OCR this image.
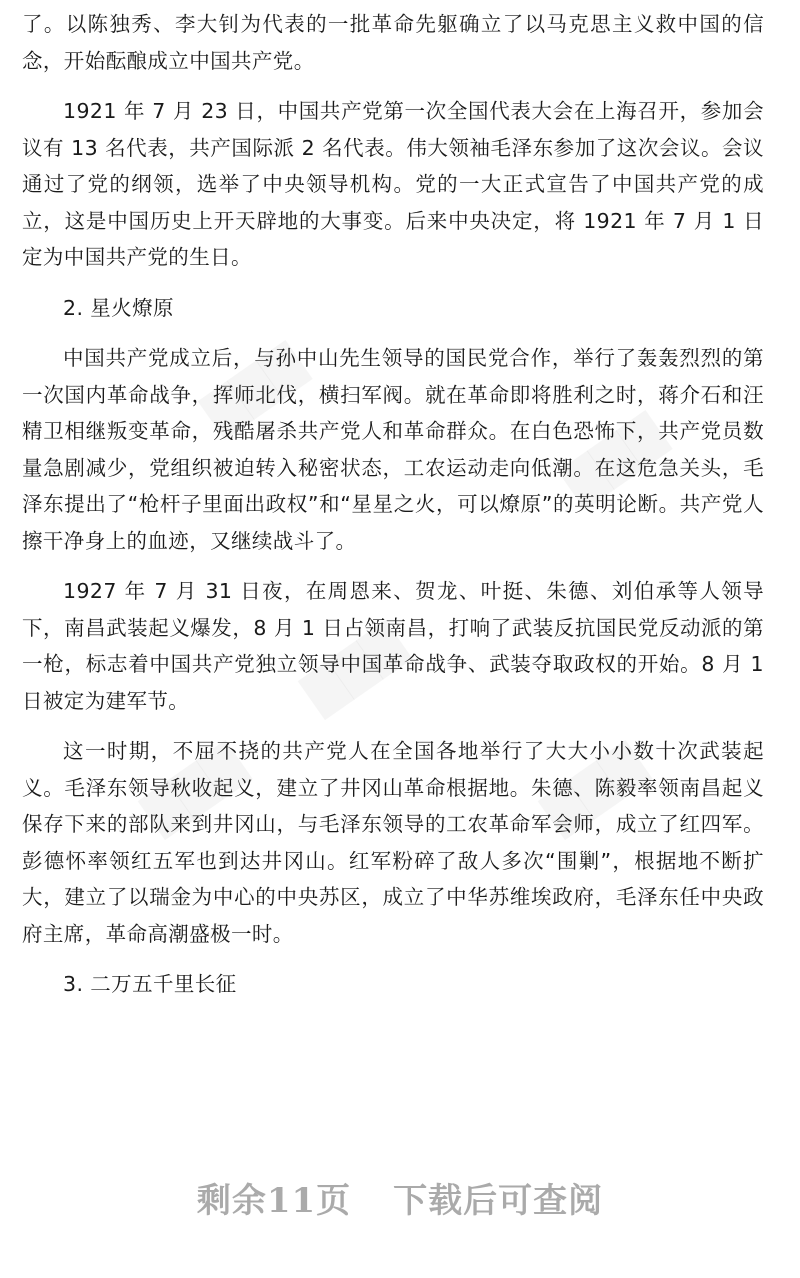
▇▇▇
▇▇▇
▇▇▇
▇▇▇	▇▇▇

了。以陈独秀、李大钊为代表的一批革命先躯确立了以马克思主义救中国的信念，开始酝酿成立中国共产党。

1921 年 7 月 23 日，中国共产党第一次全国代表大会在上海召开，参加会议有 13 名代表，共产国际派 2 名代表。伟大领袖毛泽东参加了这次会议。会议通过了党的纲领，选举了中央领导机构。党的一大正式宣告了中国共产党的成立，这是中国历史上开天辟地的大事变。后来中央决定，将 1921 年 7 月 1 日定为中国共产党的生日。

2. 星火燎原

中国共产党成立后，与孙中山先生领导的国民党合作，举行了轰轰烈烈的第一次国内革命战争，挥师北伐，横扫军阀。就在革命即将胜利之时，蒋介石和汪精卫相继叛变革命，残酷屠杀共产党人和革命群众。在白色恐怖下，共产党员数量急剧减少，党组织被迫转入秘密状态，工农运动走向低潮。在这危急关头，毛泽东提出了“枪杆子里面出政权”和“星星之火，可以燎原”的英明论断。共产党人擦干净身上的血迹，又继续战斗了。

1927 年 7 月 31 日夜，在周恩来、贺龙、叶挺、朱德、刘伯承等人领导下，南昌武装起义爆发，8 月 1 日占领南昌，打响了武装反抗国民党反动派的第一枪，标志着中国共产党独立领导中国革命战争、武装夺取政权的开始。8 月 1 日被定为建军节。

这一时期，不屈不挠的共产党人在全国各地举行了大大小小数十次武装起义。毛泽东领导秋收起义，建立了井冈山革命根据地。朱德、陈毅率领南昌起义保存下来的部队来到井冈山，与毛泽东领导的工农革命军会师，成立了红四军。彭德怀率领红五军也到达井冈山。红军粉碎了敌人多次“围剿”，根据地不断扩大，建立了以瑞金为中心的中央苏区，成立了中华苏维埃政府，毛泽东任中央政府主席，革命高潮盛极一时。

3. 二万五千里长征
剩余11页 下载后可查阅
